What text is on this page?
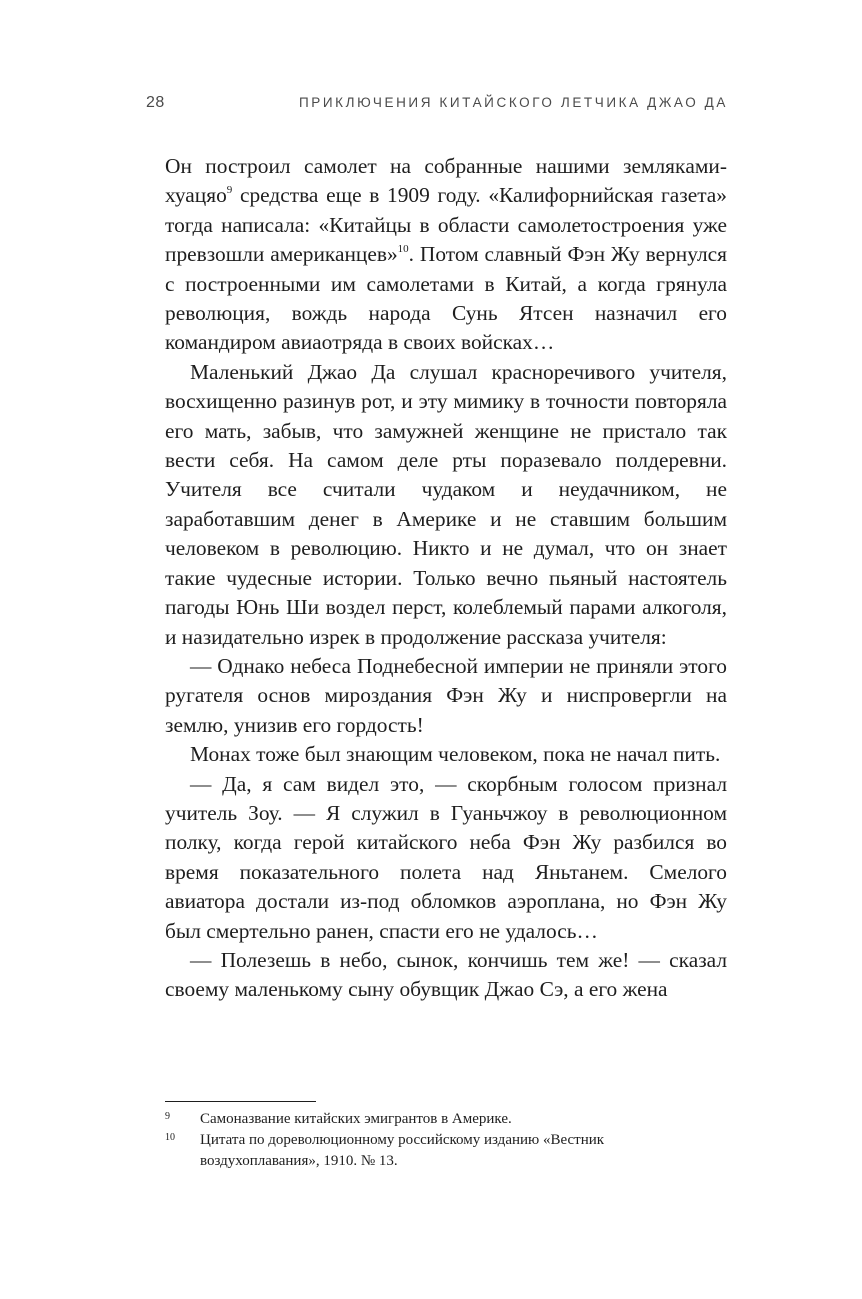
28	ПРИКЛЮЧЕНИЯ КИТАЙСКОГО ЛЕТЧИКА ДЖАО ДА

Он построил самолет на собранные нашими землякaми-хуацяо$^9$ средства еще в 1909 году. «Калифорнийская газета» тогда написала: «Китайцы в области самолетостроения уже превзошли американцев»$^{10}$. Потом славный Фэн Жу вернулся с построенными им самолетами в Китай, а когда грянула революция, вождь народа Сунь Ятсен назначил его командиром авиаотряда в своих войсках…

Маленький Джао Да слушал красноречивого учителя, восхищенно разинув рот, и эту мимику в точности повторяла его мать, забыв, что замужней женщине не пристало так вести себя. На самом деле рты поразевало полдеревни. Учителя все считали чудаком и неудачником, не заработавшим денег в Америке и не ставшим большим человеком в революцию. Никто и не думал, что он знает такие чудесные истории. Только вечно пьяный настоятель пагоды Юнь Ши воздел перст, колеблемый парами алкоголя, и назидательно изрек в продолжение рассказа учителя:

— Однако небеса Поднебесной империи не приняли этого ругателя основ мироздания Фэн Жу и ниспровергли на землю, унизив его гордость!

Монах тоже был знающим человеком, пока не начал пить.

— Да, я сам видел это, — скорбным голосом признал учитель Зоу. — Я служил в Гуаньчжоу в революционном полку, когда герой китайского неба Фэн Жу разбился во время показательного полета над Яньтанем. Смелого авиатора достали из-под обломков аэроплана, но Фэн Жу был смертельно ранен, спасти его не удалось…

— Полезешь в небо, сынок, кончишь тем же! — сказал своему маленькому сыну обувщик Джао Сэ, а его жена

9 Самоназвание китайских эмигрантов в Америке.
10 Цитата по дореволюционному российскому изданию «Вестник воздухоплавания», 1910. № 13.
